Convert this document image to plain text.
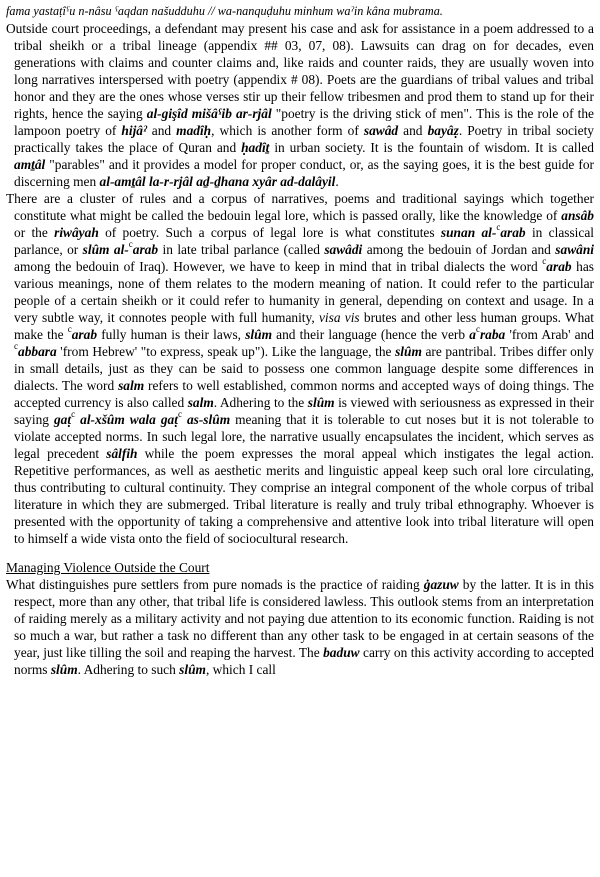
fama yastaṭîˁu n-nâsu ˁaqdan našudduhu // wa-nanquḍuhu minhum waˀin kâna mubrama.

Outside court proceedings, a defendant may present his case and ask for assistance in a poem addressed to a tribal sheikh or a tribal lineage (appendix ## 03, 07, 08). Lawsuits can drag on for decades, even generations with claims and counter claims and, like raids and counter raids, they are usually woven into long narratives interspersed with poetry (appendix # 08). Poets are the guardians of tribal values and tribal honor and they are the ones whose verses stir up their fellow tribesmen and prod them to stand up for their rights, hence the saying al-gişîd mišâˁib ar-rjâl "poetry is the driving stick of men". This is the role of the lampoon poetry of hijâˀ and madîḥ, which is another form of sawâd and bayâẓ. Poetry in tribal society practically takes the place of Quran and ḥadîṯ in urban society. It is the fountain of wisdom. It is called amṯâl "parables" and it provides a model for proper conduct, or, as the saying goes, it is the best guide for discerning men al-amṯâl la-r-rjâl aḏ-ḏhana xyâr ad-dalâyil.

There are a cluster of rules and a corpus of narratives, poems and traditional sayings which together constitute what might be called the bedouin legal lore, which is passed orally, like the knowledge of ansâb or the riwâyah of poetry. Such a corpus of legal lore is what constitutes sunan al-$^c$arab in classical parlance, or slûm al-$^c$arab in late tribal parlance (called sawâdi among the bedouin of Jordan and sawâni among the bedouin of Iraq). However, we have to keep in mind that in tribal dialects the word $^c$arab has various meanings, none of them relates to the modern meaning of nation. It could refer to the particular people of a certain sheikh or it could refer to humanity in general, depending on context and usage. In a very subtle way, it connotes people with full humanity, visa vis brutes and other less human groups. What make the $^c$arab fully human is their laws, slûm and their language (hence the verb $a^craba$ 'from Arab' and $^c$abbara 'from Hebrew' "to express, speak up"). Like the language, the slûm are pantribal. Tribes differ only in small details, just as they can be said to possess one common language despite some differences in dialects. The word salm refers to well established, common norms and accepted ways of doing things. The accepted currency is also called salm. Adhering to the slûm is viewed with seriousness as expressed in their saying gaṭ$^c$ al-xšûm wala gaṭ$^c$ as-slûm meaning that it is tolerable to cut noses but it is not tolerable to violate accepted norms. In such legal lore, the narrative usually encapsulates the incident, which serves as legal precedent sâlfih while the poem expresses the moral appeal which instigates the legal action. Repetitive performances, as well as aesthetic merits and linguistic appeal keep such oral lore circulating, thus contributing to cultural continuity. They comprise an integral component of the whole corpus of tribal literature in which they are submerged. Tribal literature is really and truly tribal ethnography. Whoever is presented with the opportunity of taking a comprehensive and attentive look into tribal literature will open to himself a wide vista onto the field of sociocultural research.

Managing Violence Outside the Court

What distinguishes pure settlers from pure nomads is the practice of raiding ġazuw by the latter. It is in this respect, more than any other, that tribal life is considered lawless. This outlook stems from an interpretation of raiding merely as a military activity and not paying due attention to its economic function. Raiding is not so much a war, but rather a task no different than any other task to be engaged in at certain seasons of the year, just like tilling the soil and reaping the harvest. The baduw carry on this activity according to accepted norms slûm. Adhering to such slûm, which I call
